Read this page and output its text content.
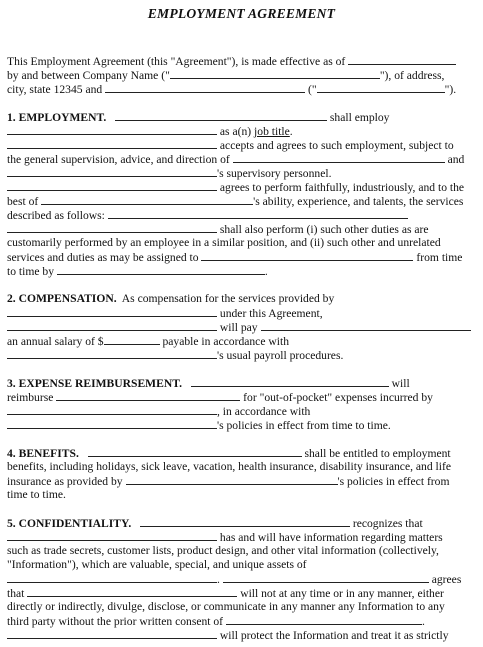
EMPLOYMENT AGREEMENT
This Employment Agreement (this "Agreement"), is made effective as of
by and between Company Name ("	"), of address,
city, state 12345 and	("	").
1. EMPLOYMENT.	shall employ
as a(n) job title.
accepts and agrees to such employment, subject to
the general supervision, advice, and direction of	and
's supervisory personnel.
agrees to perform faithfully, industriously, and to the
best of	's ability, experience, and talents, the services
described as follows:
shall also perform (i) such other duties as are
customarily performed by an employee in a similar position, and (ii) such other and unrelated
services and duties as may be assigned to	from time
to time by	.
2. COMPENSATION. As compensation for the services provided by
under this Agreement,
will pay
an annual salary of $	payable in accordance with
's usual payroll procedures.
3. EXPENSE REIMBURSEMENT.	will
reimburse	for "out-of-pocket" expenses incurred by
, in accordance with
's policies in effect from time to time.
4. BENEFITS.	shall be entitled to employment
benefits, including holidays, sick leave, vacation, health insurance, disability insurance, and life
insurance as provided by	's policies in effect from
time to time.
5. CONFIDENTIALITY.	recognizes that
has and will have information regarding matters
such as trade secrets, customer lists, product design, and other vital information (collectively,
"Information"), which are valuable, special, and unique assets of
.	agrees
that	will not at any time or in any manner, either
directly or indirectly, divulge, disclose, or communicate in any manner any Information to any
third party without the prior written consent of	.
will protect the Information and treat it as strictly
